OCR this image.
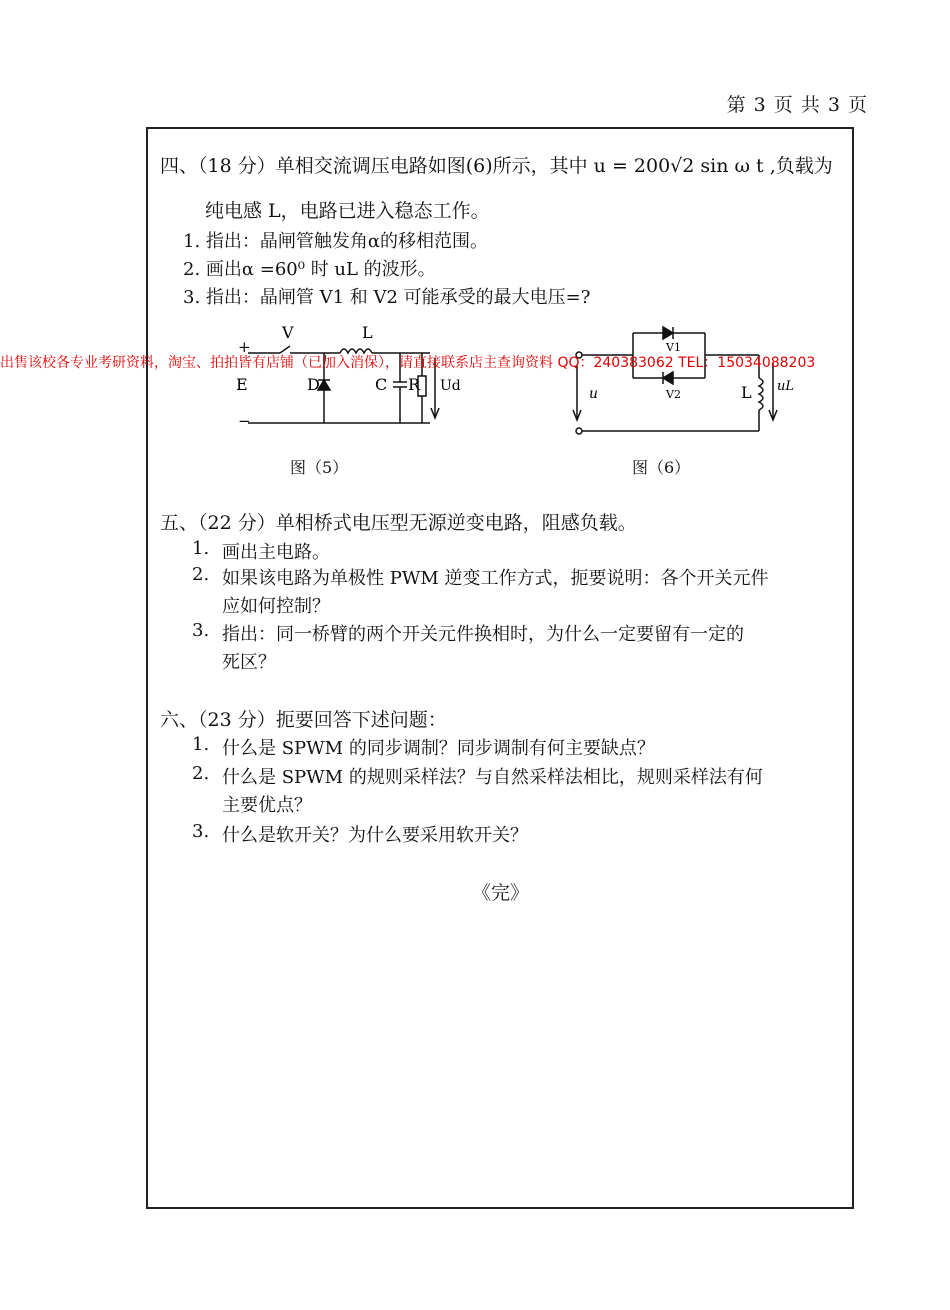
第 3 页 共 3 页
四、（18 分）单相交流调压电路如图(6)所示，其中 u = 200√2 sin ω t ,负载为
纯电感 L，电路已进入稳态工作。
1. 指出：晶闸管触发角α的移相范围。
2. 画出α =60⁰ 时 uL 的波形。
3. 指出：晶闸管 V1 和 V2 可能承受的最大电压=?
+
−
E
V	L
D	C R Ud
图（5）
V1
V2
u	L uL
图（6）
出售该校各专业考研资料，淘宝、拍拍皆有店铺（已加入消保），请直接联系店主查询资料 QQ：240383062 TEL：15034088203
五、（22 分）单相桥式电压型无源逆变电路，阻感负载。
1. 画出主电路。
2. 如果该电路为单极性 PWM 逆变工作方式，扼要说明：各个开关元件
应如何控制？
3. 指出：同一桥臂的两个开关元件换相时，为什么一定要留有一定的
死区？
六、（23 分）扼要回答下述问题：
1. 什么是 SPWM 的同步调制？同步调制有何主要缺点？
2. 什么是 SPWM 的规则采样法？与自然采样法相比，规则采样法有何
主要优点？
3. 什么是软开关？为什么要采用软开关？
《完》
